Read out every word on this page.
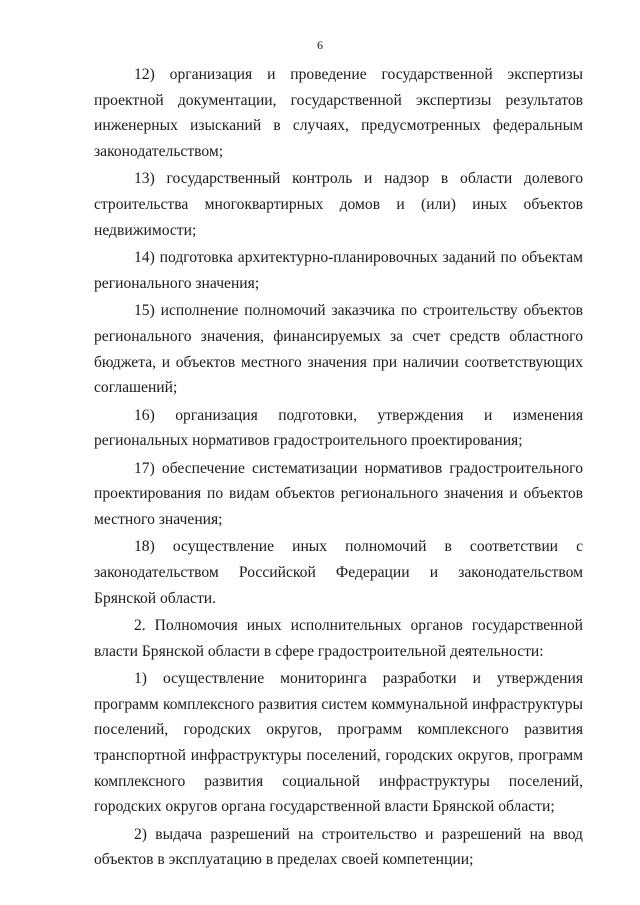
6

12) организация и проведение государственной экспертизы проектной документации, государственной экспертизы результатов инженерных изысканий в случаях, предусмотренных федеральным законодательством;

13) государственный контроль и надзор в области долевого строительства многоквартирных домов и (или) иных объектов недвижимости;

14) подготовка архитектурно-планировочных заданий по объектам регионального значения;

15) исполнение полномочий заказчика по строительству объектов регионального значения, финансируемых за счет средств областного бюджета, и объектов местного значения при наличии соответствующих соглашений;

16) организация подготовки, утверждения и изменения региональных нормативов градостроительного проектирования;

17) обеспечение систематизации нормативов градостроительного проектирования по видам объектов регионального значения и объектов местного значения;

18) осуществление иных полномочий в соответствии с законодательством Российской Федерации и законодательством Брянской области.

2. Полномочия иных исполнительных органов государственной власти Брянской области в сфере градостроительной деятельности:

1) осуществление мониторинга разработки и утверждения программ комплексного развития систем коммунальной инфраструктуры поселений, городских округов, программ комплексного развития транспортной инфраструктуры поселений, городских округов, программ комплексного развития социальной инфраструктуры поселений, городских округов органа государственной власти Брянской области;

2) выдача разрешений на строительство и разрешений на ввод объектов в эксплуатацию в пределах своей компетенции;
